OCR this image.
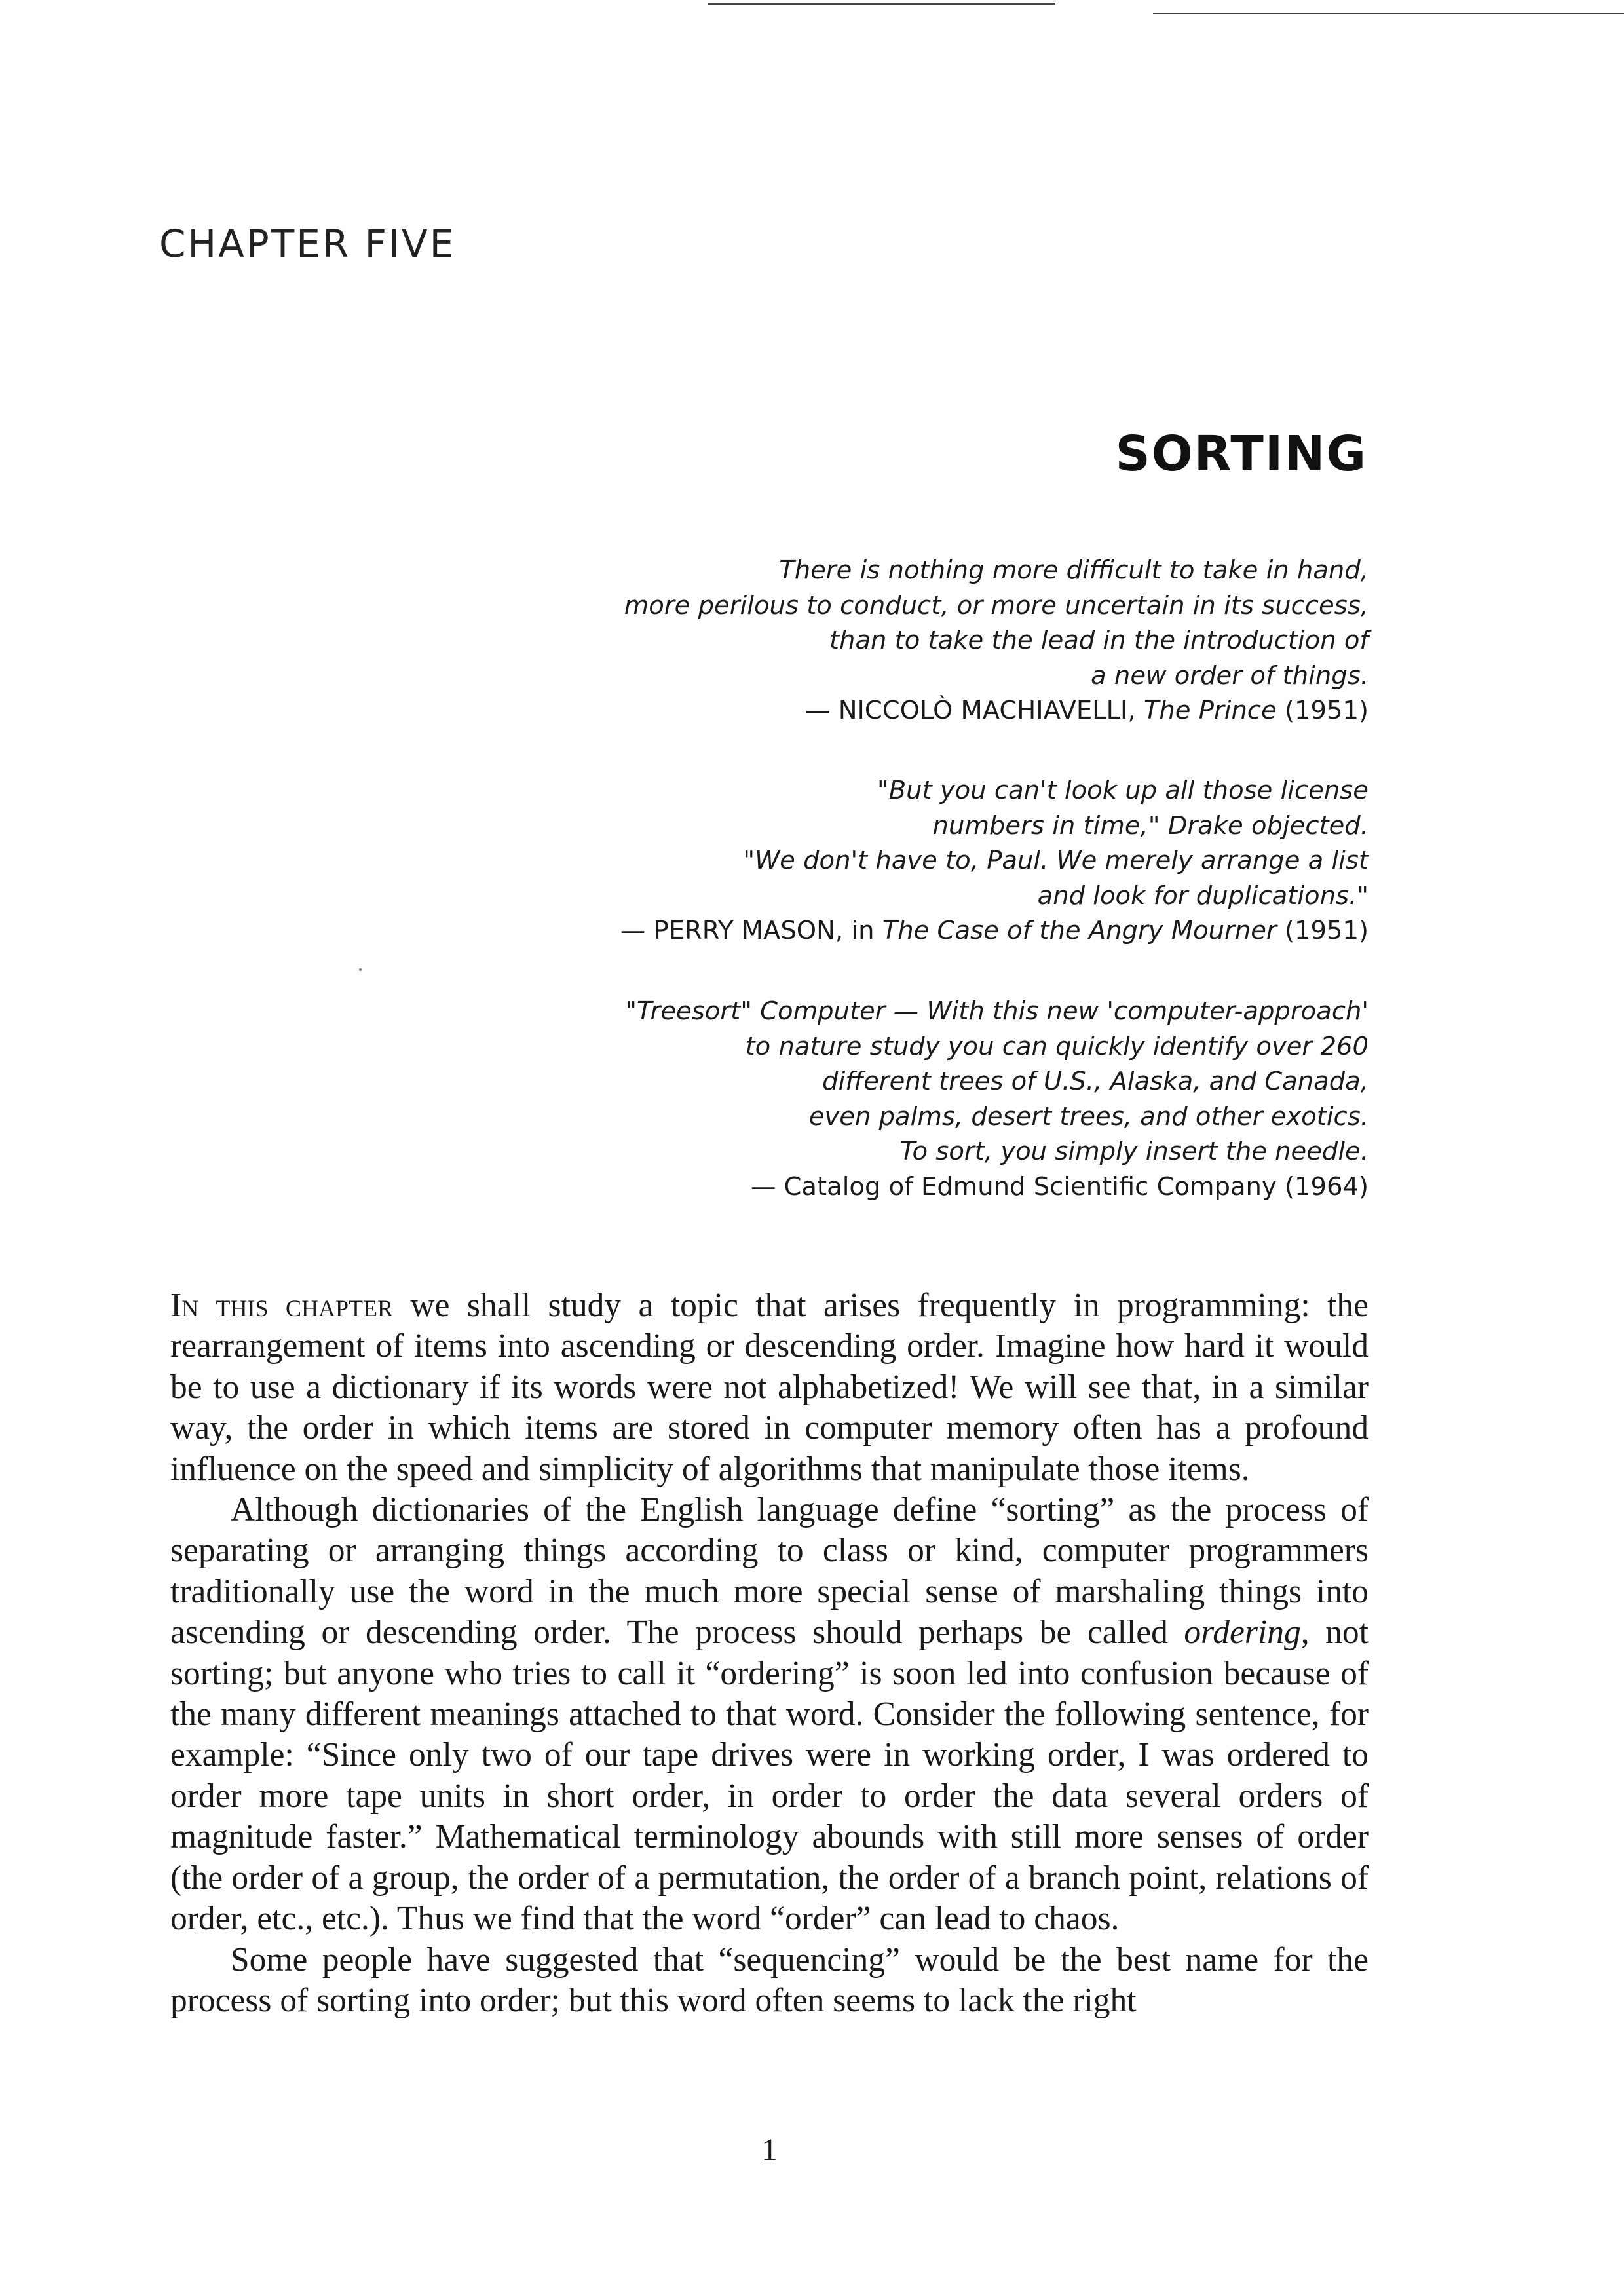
CHAPTER FIVE
SORTING
There is nothing more difficult to take in hand,
more perilous to conduct, or more uncertain in its success,
than to take the lead in the introduction of
a new order of things.
— NICCOLÒ MACHIAVELLI, The Prince (1951)
"But you can't look up all those license
numbers in time," Drake objected.
"We don't have to, Paul. We merely arrange a list
and look for duplications."
— PERRY MASON, in The Case of the Angry Mourner (1951)
"Treesort" Computer — With this new 'computer-approach'
to nature study you can quickly identify over 260
different trees of U.S., Alaska, and Canada,
even palms, desert trees, and other exotics.
To sort, you simply insert the needle.
— Catalog of Edmund Scientific Company (1964)

In this chapter we shall study a topic that arises frequently in programming: the rearrangement of items into ascending or descending order. Imagine how hard it would be to use a dictionary if its words were not alphabetized! We will see that, in a similar way, the order in which items are stored in computer memory often has a profound influence on the speed and simplicity of algorithms that manipulate those items.

Although dictionaries of the English language define “sorting” as the process of separating or arranging things according to class or kind, computer programmers traditionally use the word in the much more special sense of marshaling things into ascending or descending order. The process should perhaps be called ordering, not sorting; but anyone who tries to call it “ordering” is soon led into confusion because of the many different meanings attached to that word. Consider the following sentence, for example: “Since only two of our tape drives were in working order, I was ordered to order more tape units in short order, in order to order the data several orders of magnitude faster.” Mathematical terminology abounds with still more senses of order (the order of a group, the order of a permutation, the order of a branch point, relations of order, etc., etc.). Thus we find that the word “order” can lead to chaos.

Some people have suggested that “sequencing” would be the best name for the process of sorting into order; but this word often seems to lack the right

1
